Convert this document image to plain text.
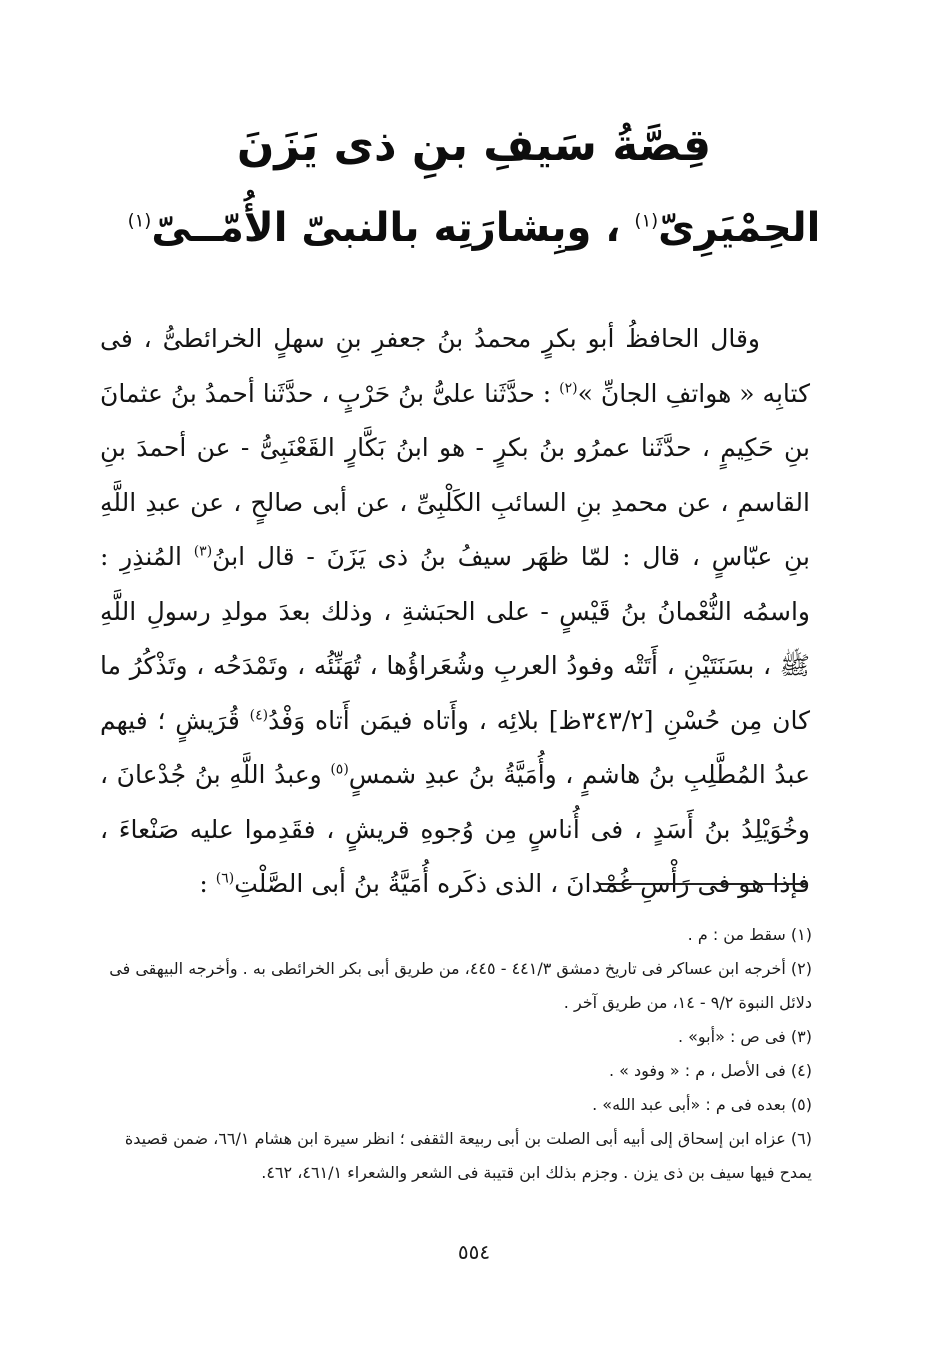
قِصَّةُ سَيفِ بنِ ذى يَزَنَ
الحِمْيَرِىّ$^{(١)}$ ، وبِشارَتِه بالنبىّ الأُمّــىّ$^{(١)}$

وقال الحافظُ أبو بكرٍ محمدُ بنُ جعفرِ بنِ سهلٍ الخرائطىُّ ، فى كتابِه « هواتفِ الجانِّ »$^{(٢)}$ : حدَّثَنا علىُّ بنُ حَرْبٍ ، حدَّثَنا أحمدُ بنُ عثمانَ بنِ حَكِيمٍ ، حدَّثَنا عمرُو بنُ بكرٍ - هو ابنُ بَكَّارٍ القَعْنَبِىُّ - عن أحمدَ بنِ القاسمِ ، عن محمدِ بنِ السائبِ الكَلْبِىِّ ، عن أبى صالحٍ ، عن عبدِ اللَّهِ بنِ عبّاسٍ ، قال : لمّا ظهَر سيفُ بنُ ذى يَزَنَ - قال ابنُ$^{(٣)}$ المُنذِرِ : واسمُه النُّعْمانُ بنُ قَيْسٍ - على الحبَشةِ ، وذلك بعدَ مولدِ رسولِ اللَّهِ ﷺ ، بسَنَتَيْنِ ، أَتَتْه وفودُ العربِ وشُعَراؤُها ، تُهَنِّئُه ، وتَمْدَحُه ، وتَذْكُرُ ما كان مِن حُسْنِ [٣٤٣/٢ظ] بلائِه ، وأَتاه فيمَن أَتاه وَفْدُ$^{(٤)}$ قُرَيشٍ ؛ فيهم عبدُ المُطَّلِبِ بنُ هاشمٍ ، وأُمَيَّةُ بنُ عبدِ شمسٍ$^{(٥)}$ وعبدُ اللَّهِ بنُ جُدْعانَ ، وخُوَيْلِدُ بنُ أَسَدٍ ، فى أُناسٍ مِن وُجوهِ قريشٍ ، فقَدِموا عليه صَنْعاءَ ، فإذا هو فى رَأْسِ غُمْدانَ ، الذى ذكَره أُمَيَّةُ بنُ أبى الصَّلْتِ$^{(٦)}$ :

(١) سقط من : م .

(٢) أخرجه ابن عساكر فى تاريخ دمشق ٤٤١/٣ - ٤٤٥، من طريق أبى بكر الخرائطى به . وأخرجه البيهقى فى دلائل النبوة ٩/٢ - ١٤، من طريق آخر .

(٣) فى ص : «أبو» .

(٤) فى الأصل ، م : « وفود » .

(٥) بعده فى م : «أبى عبد الله» .

(٦) عزاه ابن إسحاق إلى أبيه أبى الصلت بن أبى ربيعة الثقفى ؛ انظر سيرة ابن هشام ٦٦/١، ضمن قصيدة يمدح فيها سيف بن ذى يزن . وجزم بذلك ابن قتيبة فى الشعر والشعراء ٤٦١/١، ٤٦٢.

٥٥٤
